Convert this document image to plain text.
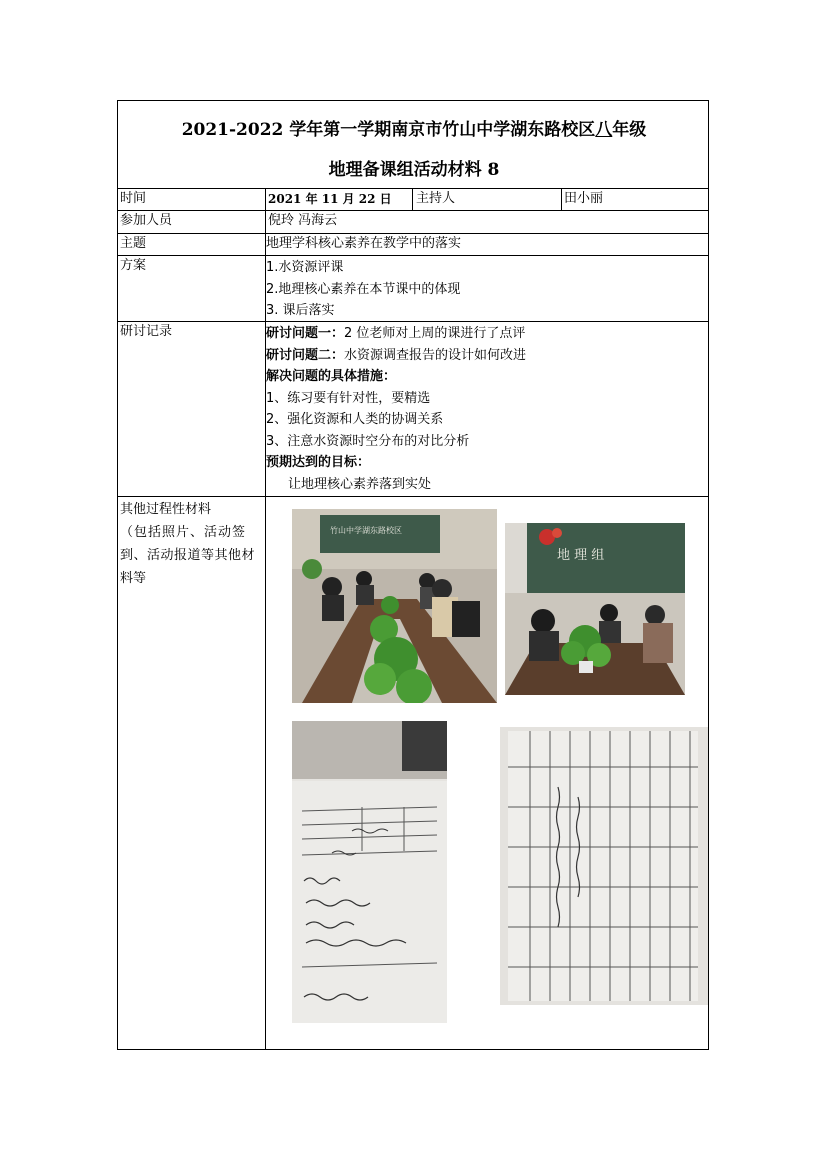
2021-2022 学年第一学期南京市竹山中学湖东路校区八年级
地理备课组活动材料 8
时间	2021 年 11 月 22 日 主持人	田小丽
参加人员	倪玲 冯海云
主题	地理学科核心素养在教学中的落实
方案	1.水资源评课
2.地理核心素养在本节课中的体现
3. 课后落实
研讨记录	研讨问题一：2 位老师对上周的课进行了点评
研讨问题二：水资源调查报告的设计如何改进
解决问题的具体措施：
1、练习要有针对性，要精选
2、强化资源和人类的协调关系
3、注意水资源时空分布的对比分析
预期达到的目标：
让地理核心素养落到实处
其他过程性材料
（包括照片、活动签
到、活动报道等其他材
料等
竹山中学湖东路校区
地 理 组
